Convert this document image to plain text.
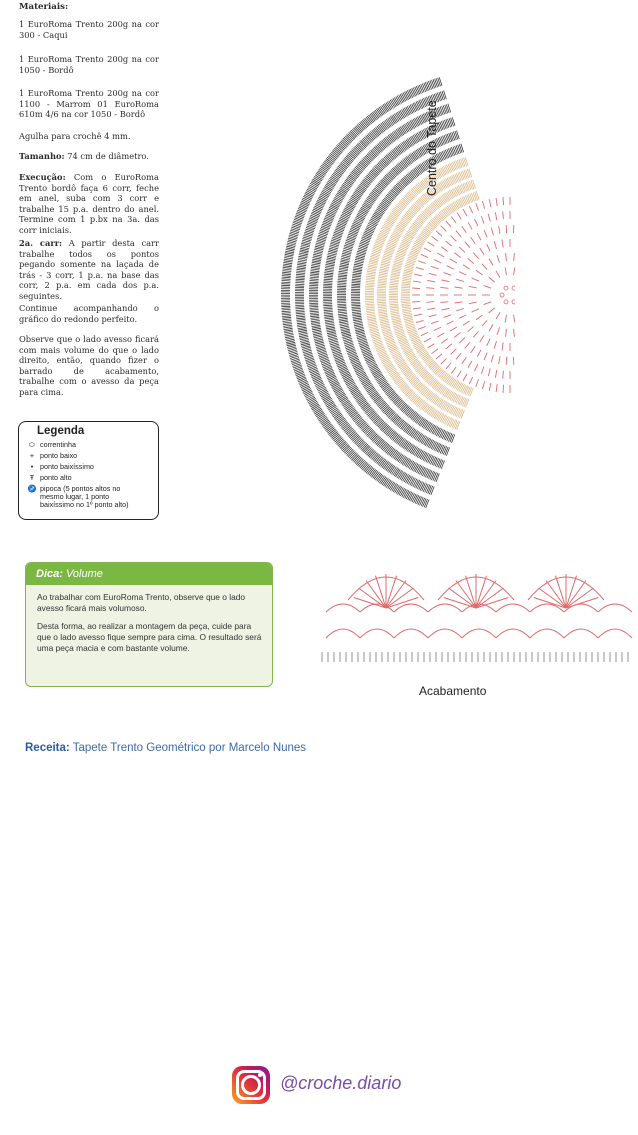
Materiais:
1 EuroRoma Trento 200g na cor 300 - Caqui
1 EuroRoma Trento 200g na cor 1050 - Bordô
1 EuroRoma Trento 200g na cor 1100 - Marrom 01 EuroRoma 610m 4/6 na cor 1050 - Bordô
Agulha para crochê 4 mm.
Tamanho: 74 cm de diâmetro.
Execução: Com o EuroRoma Trento bordô faça 6 corr, feche em anel, suba com 3 corr e trabalhe 15 p.a. dentro do anel. Termine com 1 p.bx na 3a. das corr iniciais.
2a. carr: A partir desta carr trabalhe todos os pontos pegando somente na laçada de trás - 3 corr, 1 p.a. na base das corr, 2 p.a. em cada dos p.a. seguintes.
Continue acompanhando o gráfico do redondo perfeito.
Observe que o lado avesso ficará com mais volume do que o lado direito, então, quando fizer o barrado de acabamento, trabalhe com o avesso da peça para cima.
Legenda
⬭ correntinha
+ ponto baixo
• ponto baixíssimo
Ŧ ponto alto
♐ pipoca (5 pontos altos no mesmo lugar, 1 ponto baixíssimo no 1º ponto alto)
Centro do Tapete
Acabamento
Dica: Volume

Ao trabalhar com EuroRoma Trento, observe que o lado avesso ficará mais volumoso.

Desta forma, ao realizar a montagem da peça, cuide para que o lado avesso fique sempre para cima. O resultado será uma peça macia e com bastante volume.

Receita: Tapete Trento Geométrico por Marcelo Nunes
@croche.diario
